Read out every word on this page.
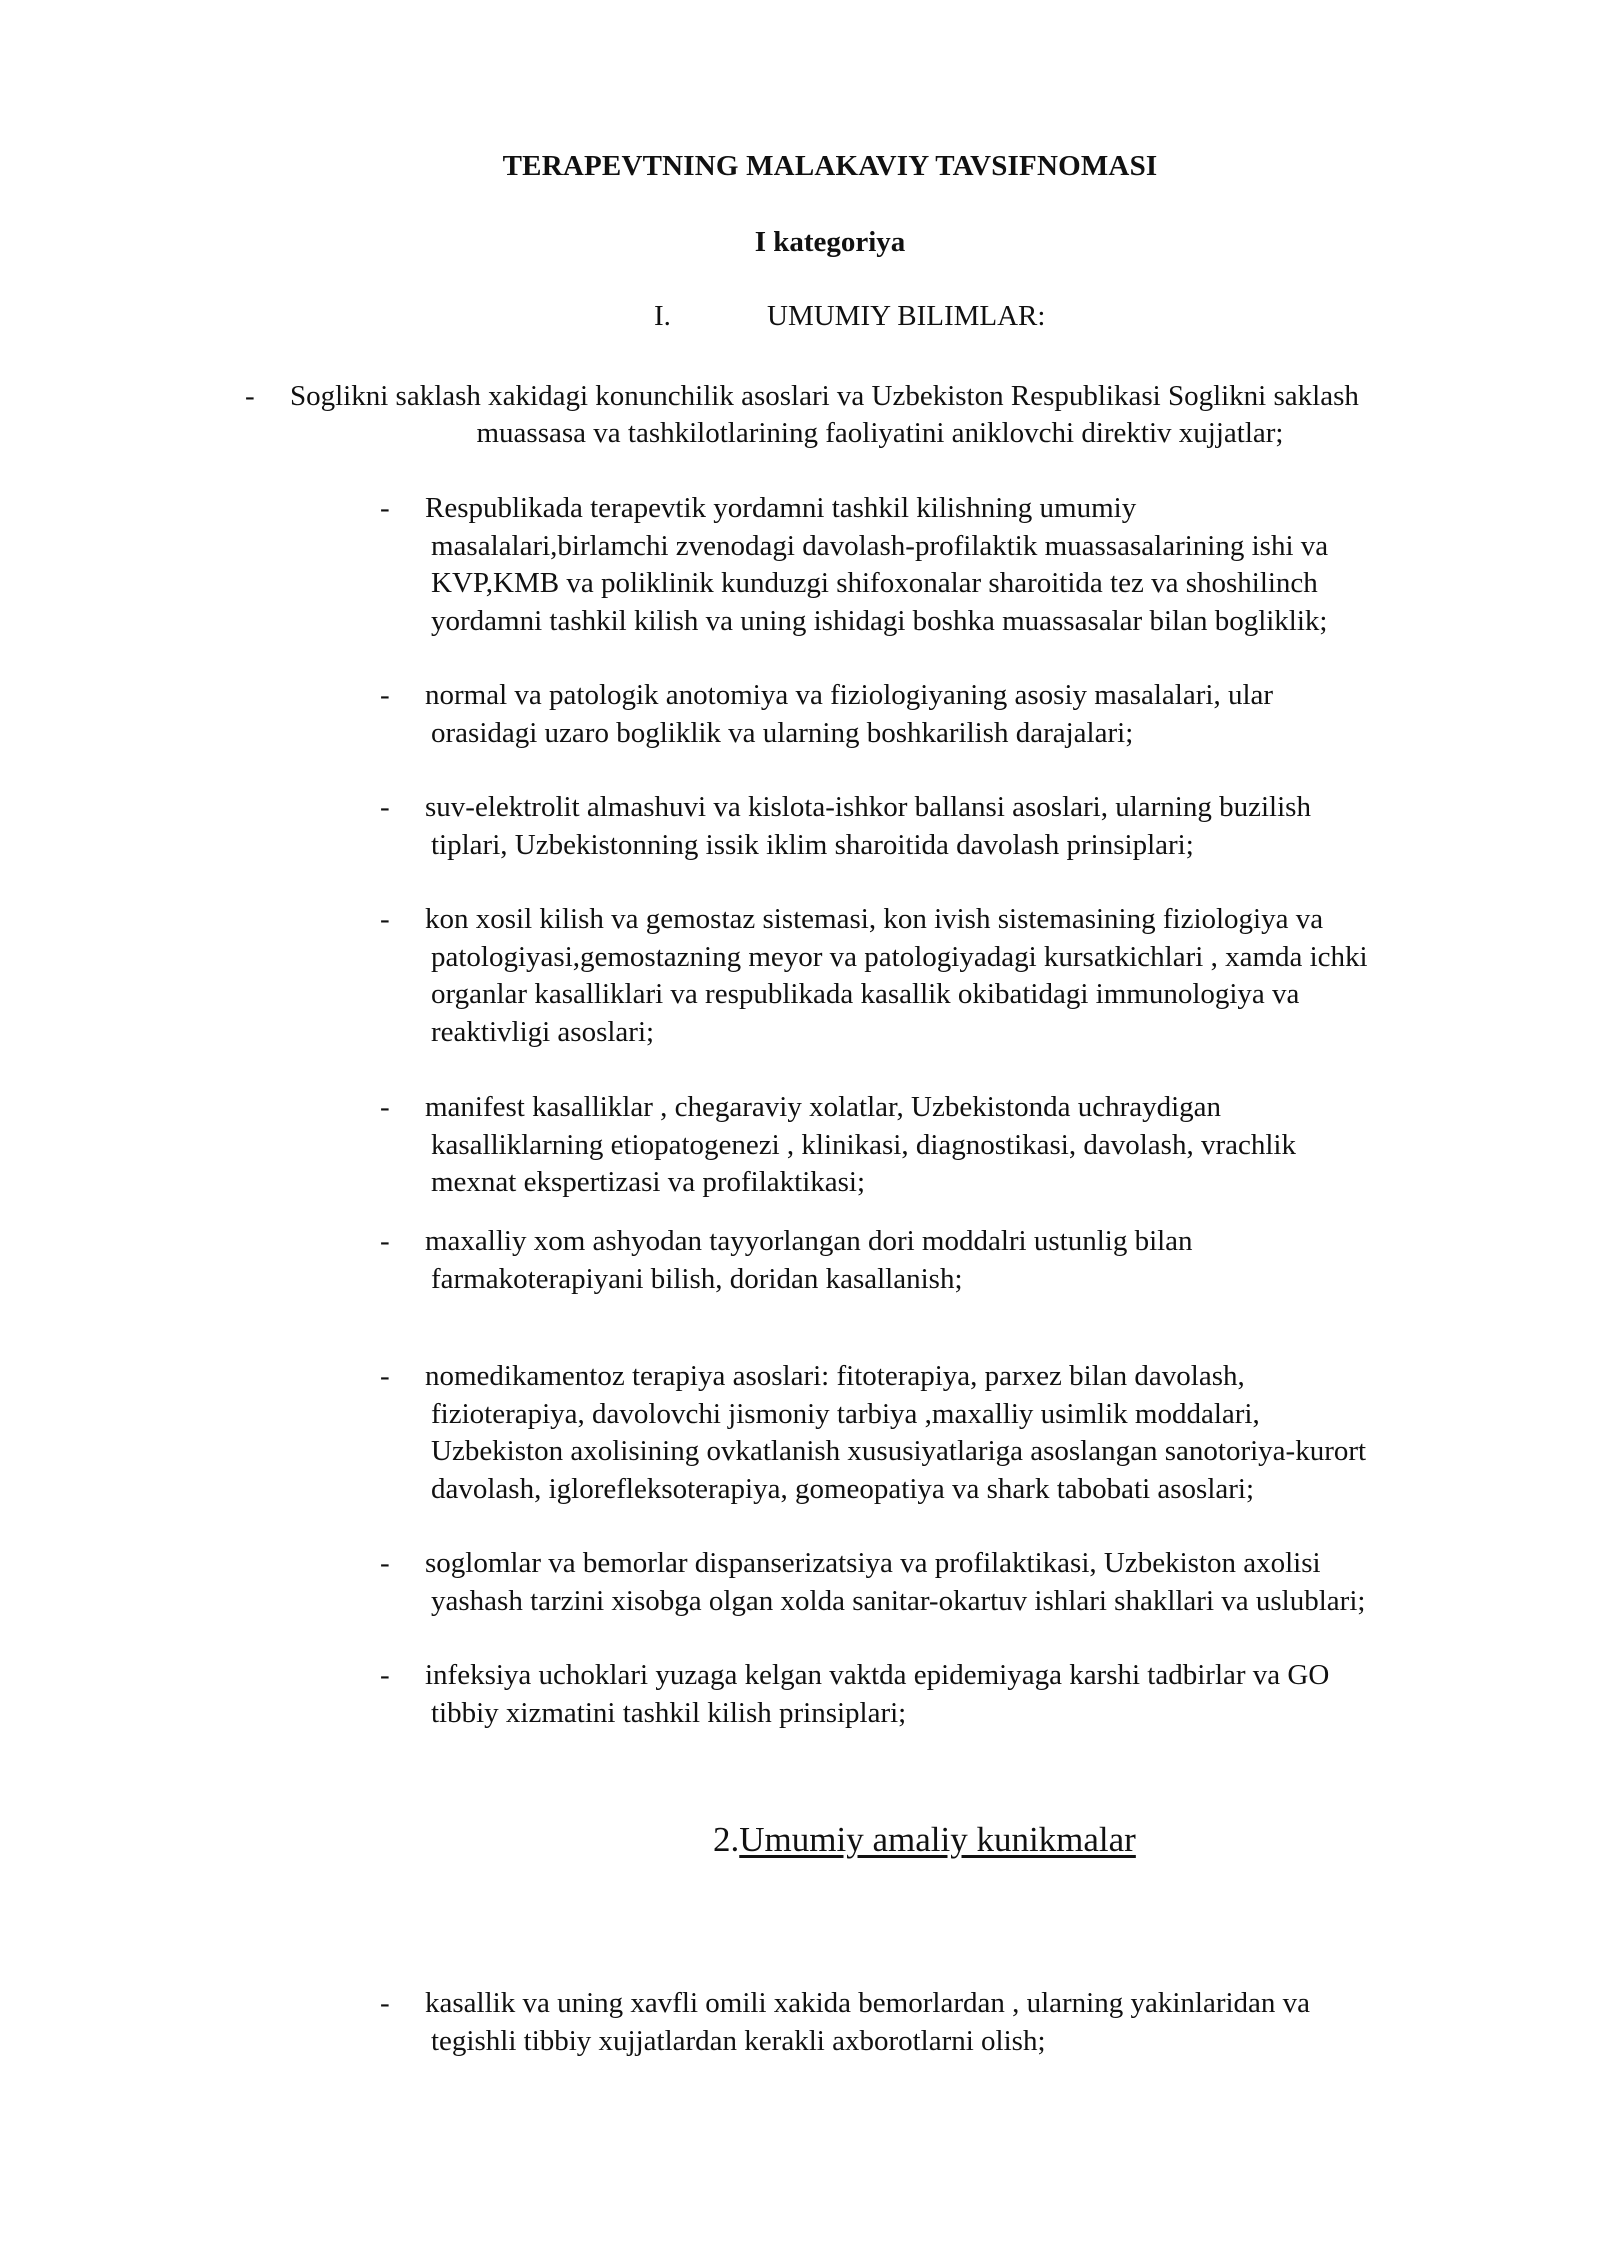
TERAPEVTNING MALAKAVIY TAVSIFNOMASI
I kategoriya
I.	UMUMIY BILIMLAR:
- Soglikni saklash xakidagi konunchilik asoslari va Uzbekiston Respublikasi Soglikni saklash
muassasa va tashkilotlarining faoliyatini aniklovchi direktiv xujjatlar;
- Respublikada terapevtik yordamni tashkil kilishning umumiy
masalalari,birlamchi zvenodagi davolash-profilaktik muassasalarining ishi va
KVP,KMB va poliklinik kunduzgi shifoxonalar sharoitida tez va shoshilinch
yordamni tashkil kilish va uning ishidagi boshka muassasalar bilan bogliklik;
- normal va patologik anotomiya va fiziologiyaning asosiy masalalari, ular
orasidagi uzaro bogliklik va ularning boshkarilish darajalari;
- suv-elektrolit almashuvi va kislota-ishkor ballansi asoslari, ularning buzilish
tiplari, Uzbekistonning issik iklim sharoitida davolash prinsiplari;
- kon xosil kilish va gemostaz sistemasi, kon ivish sistemasining fiziologiya va
patologiyasi,gemostazning meyor va patologiyadagi kursatkichlari , xamda ichki
organlar kasalliklari va respublikada kasallik okibatidagi immunologiya va
reaktivligi asoslari;
- manifest kasalliklar , chegaraviy xolatlar, Uzbekistonda uchraydigan
kasalliklarning etiopatogenezi , klinikasi, diagnostikasi, davolash, vrachlik
mexnat ekspertizasi va profilaktikasi;
- maxalliy xom ashyodan tayyorlangan dori moddalri ustunlig bilan
farmakoterapiyani bilish, doridan kasallanish;
- nomedikamentoz terapiya asoslari: fitoterapiya, parxez bilan davolash,
fizioterapiya, davolovchi jismoniy tarbiya ,maxalliy usimlik moddalari,
Uzbekiston axolisining ovkatlanish xususiyatlariga asoslangan sanotoriya-kurort
davolash, iglorefleksoterapiya, gomeopatiya va shark tabobati asoslari;
- soglomlar va bemorlar dispanserizatsiya va profilaktikasi, Uzbekiston axolisi
yashash tarzini xisobga olgan xolda sanitar-okartuv ishlari shakllari va uslublari;
- infeksiya uchoklari yuzaga kelgan vaktda epidemiyaga karshi tadbirlar va GO
tibbiy xizmatini tashkil kilish prinsiplari;
2.Umumiy amaliy kunikmalar
- kasallik va uning xavfli omili xakida bemorlardan , ularning yakinlaridan va
tegishli tibbiy xujjatlardan kerakli axborotlarni olish;
